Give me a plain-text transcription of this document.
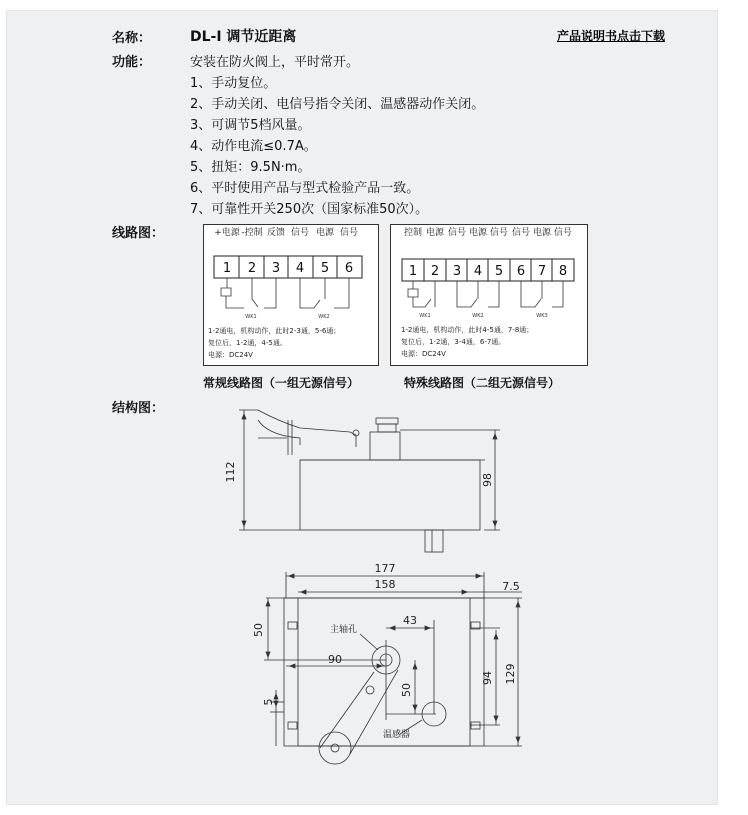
名称：	DL-I 调节近距离	产品说明书点击下载
功能：	安装在防火阀上，平时常开。
1、手动复位。
2、手动关闭、电信号指令关闭、温感器动作关闭。
3、可调节5档风量。
4、动作电流≤0.7A。
5、扭矩：9.5N·m。
6、平时使用产品与型式检验产品一致。
7、可靠性开关250次（国家标准50次）。
线路图：	+电源 -控制 反馈 信号 电源 信号
1 2 3 4 5 6
WK1	WK2
1-2通电，机构动作，此时2-3通，5-6通；
复位后，1-2通，4-5通。
电源：DC24V
常规线路图（一组无源信号）
控制 电源 信号 电源 信号 信号 电源 信号
1 2 3 4 5 6 7 8
WK1	WK2	WK3
1-2通电，机构动作，此时4-5通，7-8通；
复位后，1-2通，3-4通，6-7通。
电源：DC24V
特殊线路图（二组无源信号）
结构图：
112	98
177
158	7.5
50
43
90
50
94 129
5
主轴孔
温感器
